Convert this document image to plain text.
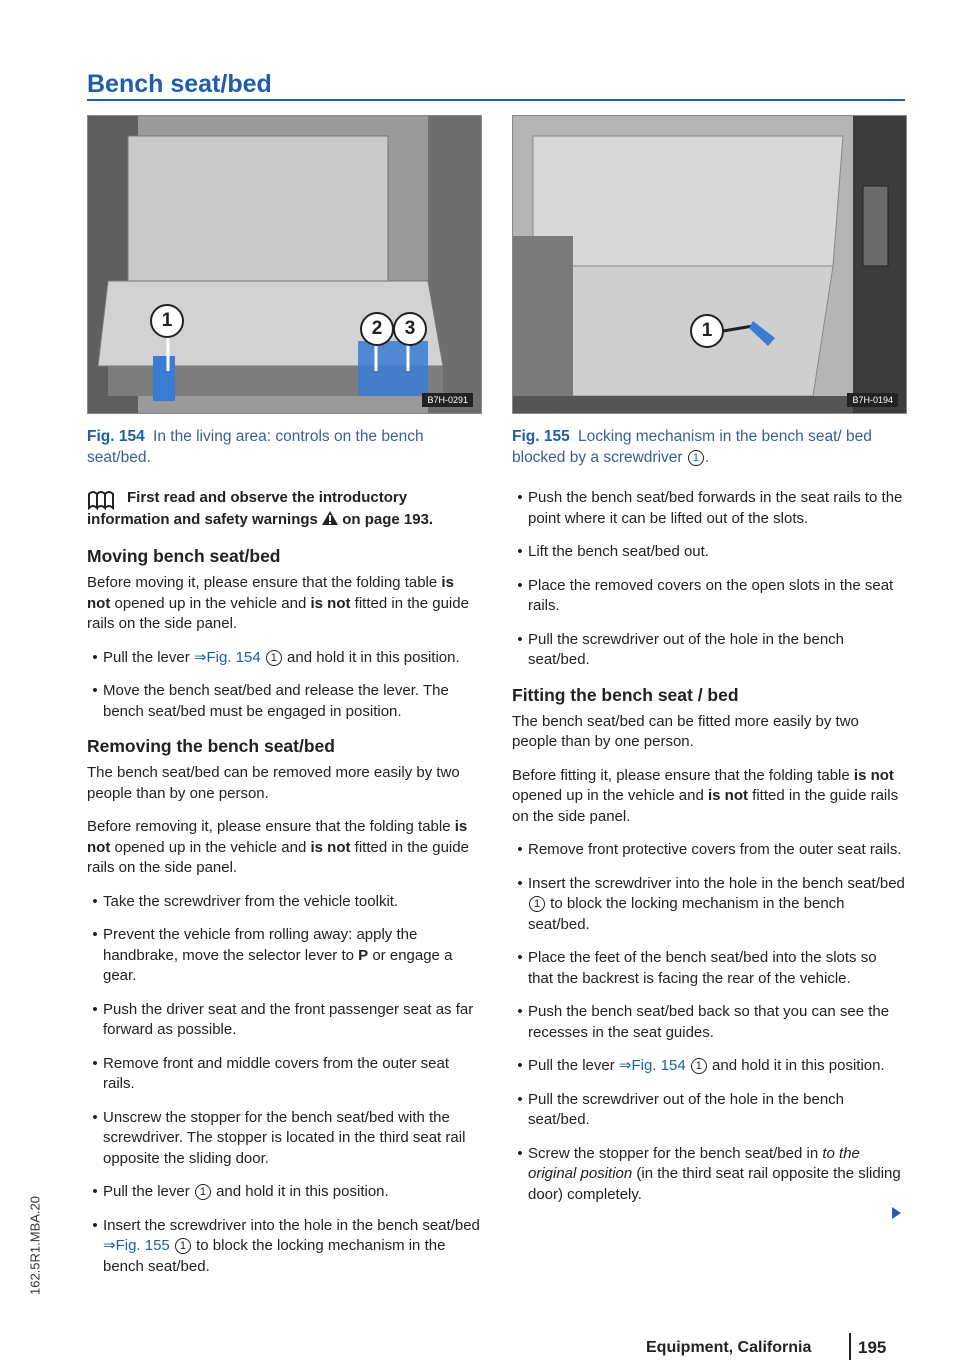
Bench seat/bed
1	2	3
B7H-0291
Fig. 154 In the living area: controls on the bench seat/bed.
First read and observe the introductory information and safety warnings on page 193.
Moving bench seat/bed

Before moving it, please ensure that the folding table is not opened up in the vehicle and is not fitted in the guide rails on the side panel.

• Pull the lever ⇒Fig. 154 1 and hold it in this position.
• Move the bench seat/bed and release the lever. The bench seat/bed must be engaged in position.
Removing the bench seat/bed

The bench seat/bed can be removed more easily by two people than by one person.

Before removing it, please ensure that the folding table is not opened up in the vehicle and is not fitted in the guide rails on the side panel.

• Take the screwdriver from the vehicle toolkit.
• Prevent the vehicle from rolling away: apply the handbrake, move the selector lever to P or engage a gear.
• Push the driver seat and the front passenger seat as far forward as possible.
• Remove front and middle covers from the outer seat rails.
• Unscrew the stopper for the bench seat/bed with the screwdriver. The stopper is located in the third seat rail opposite the sliding door.
• Pull the lever 1 and hold it in this position.
• Insert the screwdriver into the hole in the bench seat/bed ⇒Fig. 155 1 to block the locking mechanism in the bench seat/bed.
1
B7H-0194
Fig. 155 Locking mechanism in the bench seat/ bed blocked by a screwdriver 1 .
• Push the bench seat/bed forwards in the seat rails to the point where it can be lifted out of the slots.
• Lift the bench seat/bed out.
• Place the removed covers on the open slots in the seat rails.
• Pull the screwdriver out of the hole in the bench seat/bed.
Fitting the bench seat / bed

The bench seat/bed can be fitted more easily by two people than by one person.

Before fitting it, please ensure that the folding table is not opened up in the vehicle and is not fitted in the guide rails on the side panel.

• Remove front protective covers from the outer seat rails.
• Insert the screwdriver into the hole in the bench seat/bed 1 to block the locking mechanism in the bench seat/bed.
• Place the feet of the bench seat/bed into the slots so that the backrest is facing the rear of the vehicle.
• Push the bench seat/bed back so that you can see the recesses in the seat guides.
• Pull the lever ⇒Fig. 154 1 and hold it in this position.
• Pull the screwdriver out of the hole in the bench seat/bed.
• Screw the stopper for the bench seat/bed in to the original position (in the third seat rail opposite the sliding door) completely.
162.5R1.MBA.20
Equipment, California	195
